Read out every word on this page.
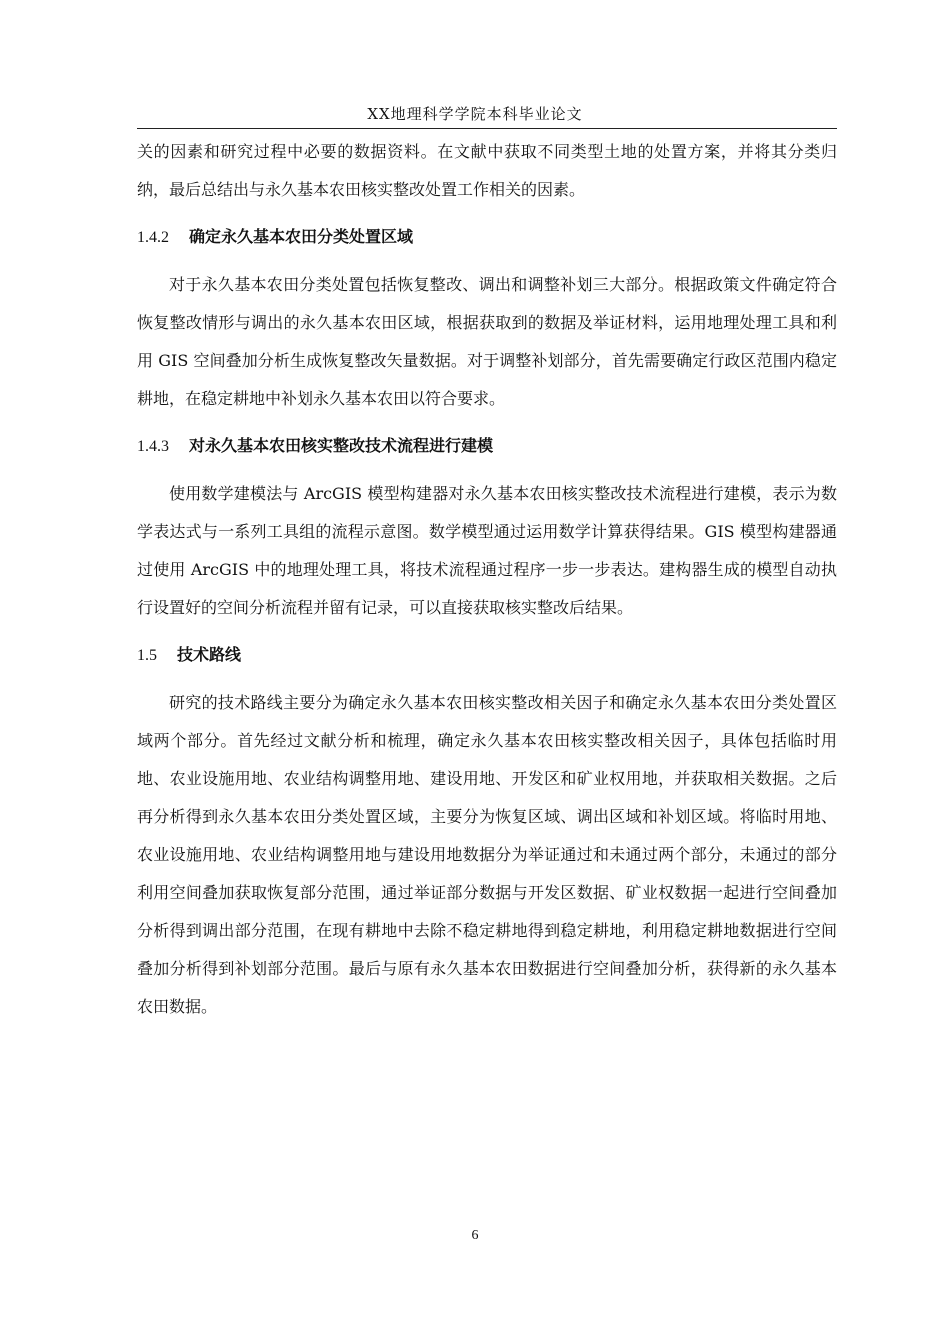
XX地理科学学院本科毕业论文

关的因素和研究过程中必要的数据资料。在文献中获取不同类型土地的处置方案，并将其分类归纳，最后总结出与永久基本农田核实整改处置工作相关的因素。

1.4.2 确定永久基本农田分类处置区域

对于永久基本农田分类处置包括恢复整改、调出和调整补划三大部分。根据政策文件确定符合恢复整改情形与调出的永久基本农田区域，根据获取到的数据及举证材料，运用地理处理工具和利用 GIS 空间叠加分析生成恢复整改矢量数据。对于调整补划部分，首先需要确定行政区范围内稳定耕地，在稳定耕地中补划永久基本农田以符合要求。

1.4.3 对永久基本农田核实整改技术流程进行建模

使用数学建模法与 ArcGIS 模型构建器对永久基本农田核实整改技术流程进行建模，表示为数学表达式与一系列工具组的流程示意图。数学模型通过运用数学计算获得结果。GIS 模型构建器通过使用 ArcGIS 中的地理处理工具，将技术流程通过程序一步一步表达。建构器生成的模型自动执行设置好的空间分析流程并留有记录，可以直接获取核实整改后结果。

1.5 技术路线

研究的技术路线主要分为确定永久基本农田核实整改相关因子和确定永久基本农田分类处置区域两个部分。首先经过文献分析和梳理，确定永久基本农田核实整改相关因子，具体包括临时用地、农业设施用地、农业结构调整用地、建设用地、开发区和矿业权用地，并获取相关数据。之后再分析得到永久基本农田分类处置区域，主要分为恢复区域、调出区域和补划区域。将临时用地、农业设施用地、农业结构调整用地与建设用地数据分为举证通过和未通过两个部分，未通过的部分利用空间叠加获取恢复部分范围，通过举证部分数据与开发区数据、矿业权数据一起进行空间叠加分析得到调出部分范围，在现有耕地中去除不稳定耕地得到稳定耕地，利用稳定耕地数据进行空间叠加分析得到补划部分范围。最后与原有永久基本农田数据进行空间叠加分析，获得新的永久基本农田数据。

6
